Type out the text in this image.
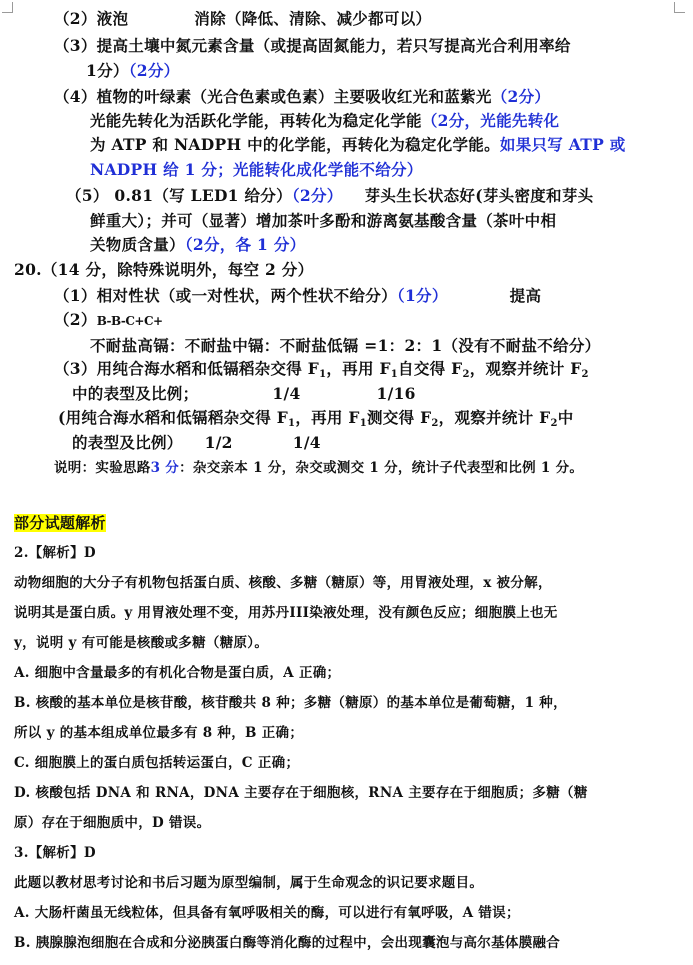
（2）液泡	消除（降低、清除、减少都可以）
（3）提高土壤中氮元素含量（或提高固氮能力，若只写提高光合利用率给
1分）（2分）
（4）植物的叶绿素（光合色素或色素）主要吸收红光和蓝紫光（2分）
光能先转化为活跃化学能，再转化为稳定化学能（2分，光能先转化
为 ATP 和 NADPH 中的化学能，再转化为稳定化学能。如果只写 ATP 或
NADPH 给 1 分；光能转化成化学能不给分）
（5） 0.81（写 LED1 给分）（2分） 芽头生长状态好(芽头密度和芽头
鲜重大）；并可（显著）增加茶叶多酚和游离氨基酸含量（茶叶中相
关物质含量）（2分，各 1 分）
20.（14 分，除特殊说明外，每空 2 分）
（1）相对性状（或一对性状，两个性状不给分）（1分）	提高
（2）B-B-C+C+
不耐盐高镉：不耐盐中镉：不耐盐低镉 =1：2：1（没有不耐盐不给分）
（3）用纯合海水稻和低镉稻杂交得 $F_1$，再用 $F_1$自交得 $F_2$，观察并统计 $F_2$
中的表型及比例；	1/4	1/16
(用纯合海水稻和低镉稻杂交得 $F_1$，再用 $F_1$测交得 $F_2$，观察并统计 $F_2$中
的表型及比例） 1/2	1/4
说明：实验思路3 分：杂交亲本 1 分，杂交或测交 1 分，统计子代表型和比例 1 分。
部分试题解析
2.【解析】D
动物细胞的大分子有机物包括蛋白质、核酸、多糖（糖原）等，用胃液处理，x 被分解，
说明其是蛋白质。y 用胃液处理不变，用苏丹III染液处理，没有颜色反应；细胞膜上也无
y，说明 y 有可能是核酸或多糖（糖原）。
A. 细胞中含量最多的有机化合物是蛋白质，A 正确；
B. 核酸的基本单位是核苷酸，核苷酸共 8 种；多糖（糖原）的基本单位是葡萄糖，1 种，
所以 y 的基本组成单位最多有 8 种，B 正确；
C. 细胞膜上的蛋白质包括转运蛋白，C 正确；
D. 核酸包括 DNA 和 RNA，DNA 主要存在于细胞核，RNA 主要存在于细胞质；多糖（糖
原）存在于细胞质中，D 错误。
3.【解析】D
此题以教材思考讨论和书后习题为原型编制，属于生命观念的识记要求题目。
A. 大肠杆菌虽无线粒体，但具备有氧呼吸相关的酶，可以进行有氧呼吸，A 错误；
B. 胰腺腺泡细胞在合成和分泌胰蛋白酶等消化酶的过程中，会出现囊泡与高尔基体膜融合
